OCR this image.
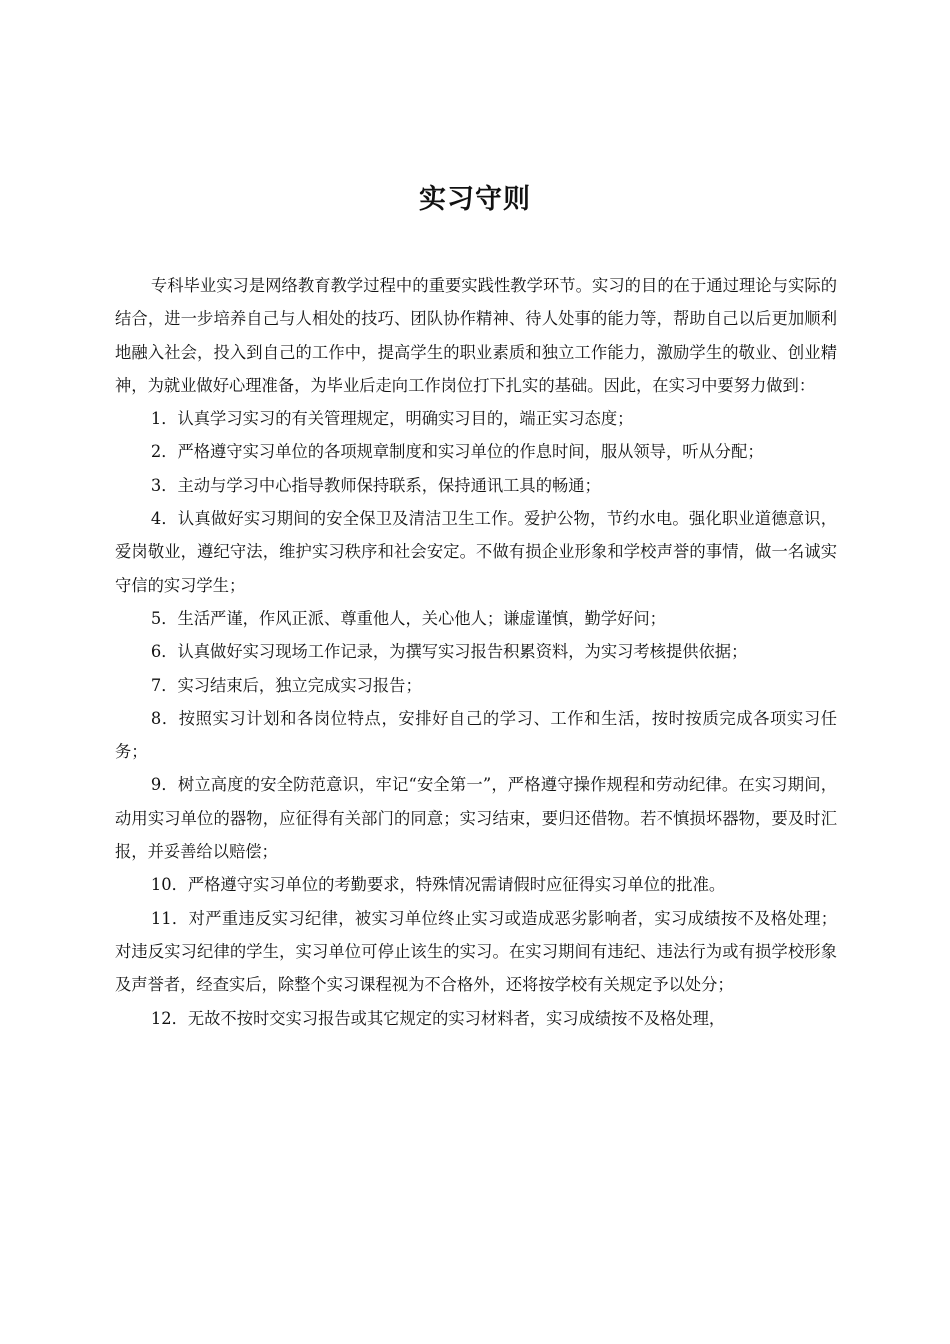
实习守则

专科毕业实习是网络教育教学过程中的重要实践性教学环节。实习的目的在于通过理论与实际的结合，进一步培养自己与人相处的技巧、团队协作精神、待人处事的能力等，帮助自己以后更加顺利地融入社会，投入到自己的工作中，提高学生的职业素质和独立工作能力，激励学生的敬业、创业精神，为就业做好心理准备，为毕业后走向工作岗位打下扎实的基础。因此，在实习中要努力做到：

1．认真学习实习的有关管理规定，明确实习目的，端正实习态度；

2．严格遵守实习单位的各项规章制度和实习单位的作息时间，服从领导，听从分配；

3．主动与学习中心指导教师保持联系，保持通讯工具的畅通；

4．认真做好实习期间的安全保卫及清洁卫生工作。爱护公物，节约水电。强化职业道德意识，爱岗敬业，遵纪守法，维护实习秩序和社会安定。不做有损企业形象和学校声誉的事情，做一名诚实守信的实习学生；

5．生活严谨，作风正派、尊重他人，关心他人；谦虚谨慎，勤学好问；

6．认真做好实习现场工作记录，为撰写实习报告积累资料，为实习考核提供依据；

7．实习结束后，独立完成实习报告；

8．按照实习计划和各岗位特点，安排好自己的学习、工作和生活，按时按质完成各项实习任务；

9．树立高度的安全防范意识，牢记“安全第一”，严格遵守操作规程和劳动纪律。在实习期间，动用实习单位的器物，应征得有关部门的同意；实习结束，要归还借物。若不慎损坏器物，要及时汇报，并妥善给以赔偿；

10．严格遵守实习单位的考勤要求，特殊情况需请假时应征得实习单位的批准。

11．对严重违反实习纪律，被实习单位终止实习或造成恶劣影响者，实习成绩按不及格处理；对违反实习纪律的学生，实习单位可停止该生的实习。在实习期间有违纪、违法行为或有损学校形象及声誉者，经查实后，除整个实习课程视为不合格外，还将按学校有关规定予以处分；

12．无故不按时交实习报告或其它规定的实习材料者，实习成绩按不及格处理，
